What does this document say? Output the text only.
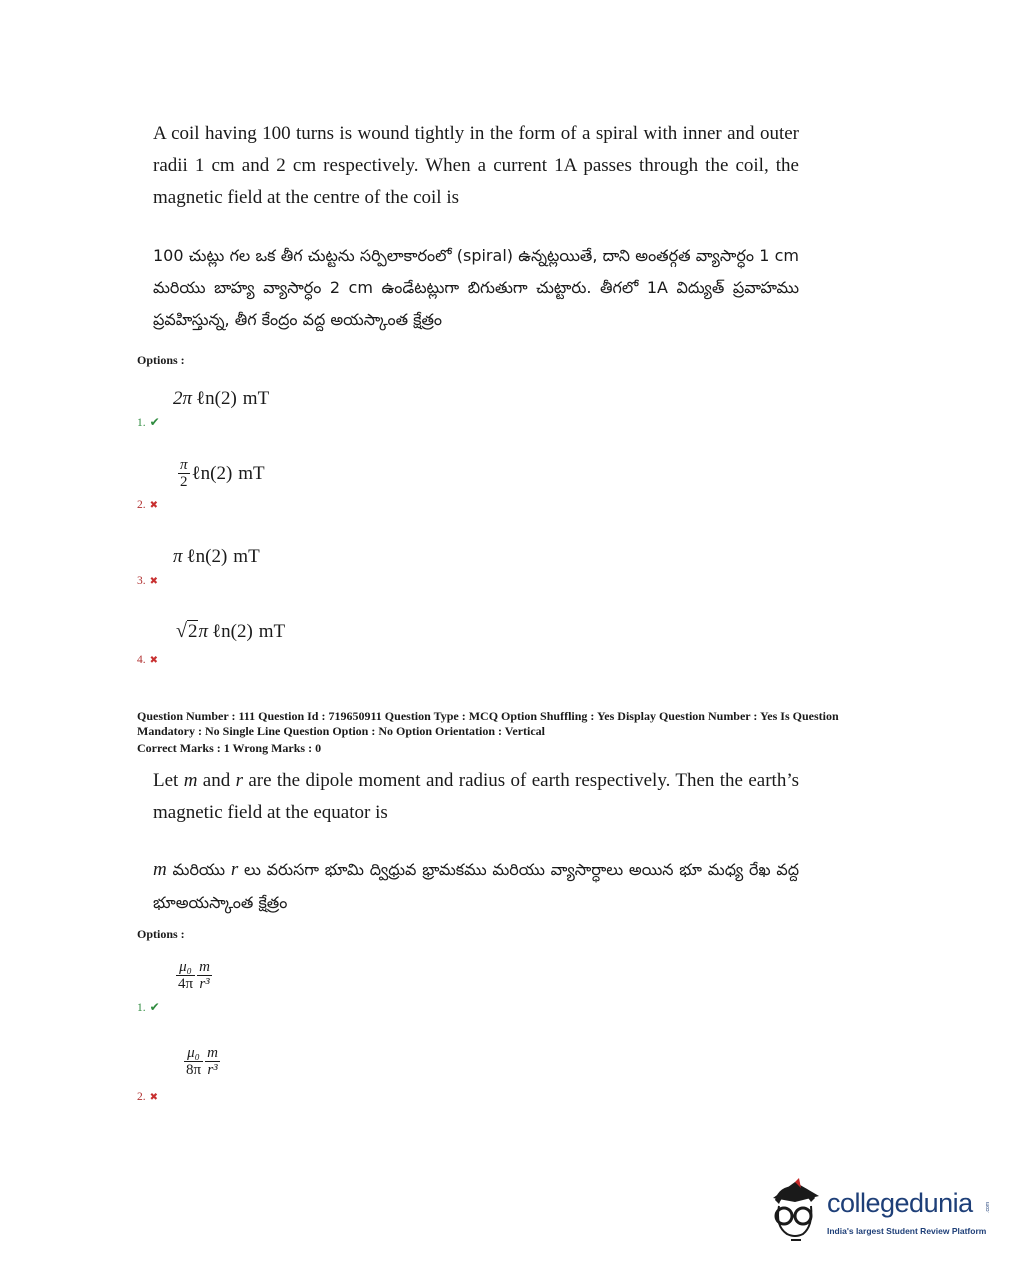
A coil having 100 turns is wound tightly in the form of a spiral with inner and outer radii 1 cm and 2 cm respectively. When a current 1A passes through the coil, the magnetic field at the centre of the coil is
100 చుట్లు గల ఒక తీగ చుట్టను సర్పిలాకారంలో (spiral) ఉన్నట్లయితే, దాని అంతర్గత వ్యాసార్ధం 1 cm మరియు బాహ్య వ్యాసార్ధం 2 cm ఉండేటట్లుగా బిగుతుగా చుట్టారు. తీగలో 1A విద్యుత్ ప్రవాహము ప్రవహిస్తున్న, తీగ కేంద్రం వద్ద అయస్కాంత క్షేత్రం
Options :
2π ℓn(2) mT
1. ✔
$\frac{\pi}{2}$ ℓn(2) mT
2. ✖
π ℓn(2) mT
3. ✖
√ 2 π ℓn(2) mT
4. ✖
Question Number : 111 Question Id : 719650911 Question Type : MCQ Option Shuffling : Yes Display Question Number : Yes Is Question
Mandatory : No Single Line Question Option : No Option Orientation : Vertical
Correct Marks : 1 Wrong Marks : 0
Let m and r are the dipole moment and radius of earth respectively. Then the earth’s magnetic field at the equator is
m మరియు r లు వరుసగా భూమి ద్విధ్రువ భ్రామకము మరియు వ్యాసార్ధాలు అయిన భూ మధ్య రేఖ వద్ద భూఅయస్కాంత క్షేత్రం
Options :
$\frac{\text{μ₀}}{4\pi} \frac{m}{\text{r³}}$
1. ✔
$\frac{\text{μ₀}}{8\pi} \frac{m}{\text{r³}}$
2. ✖
collegedunia .com
India's largest Student Review Platform
